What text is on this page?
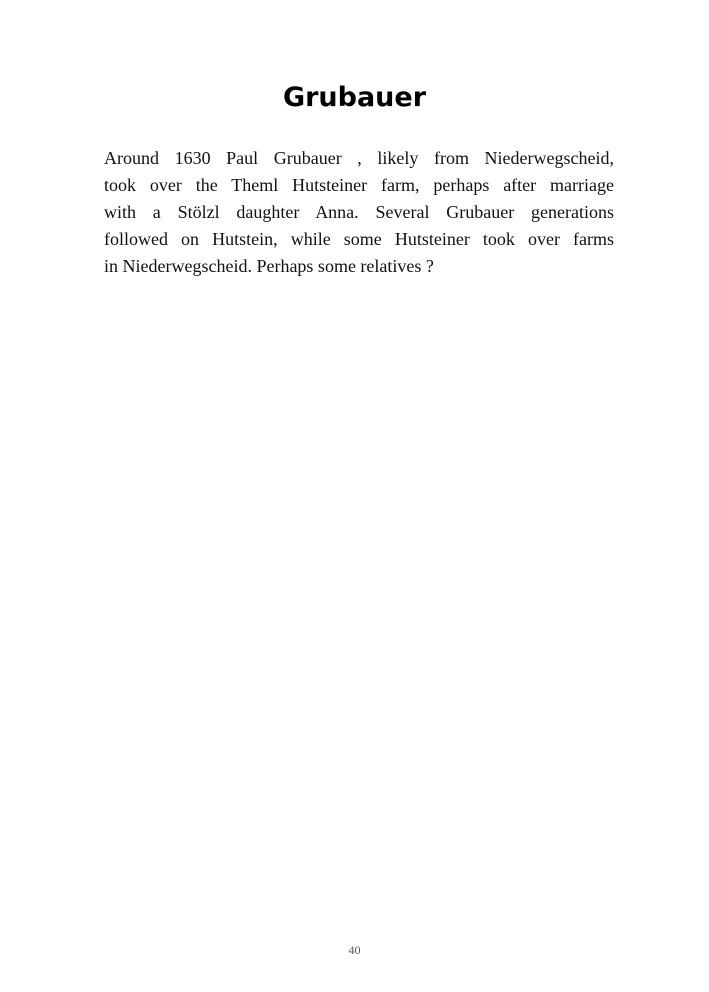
Grubauer
Around 1630 Paul Grubauer , likely from Niederwegscheid,
took over the Theml Hutsteiner farm, perhaps after marriage
with a Stölzl daughter Anna. Several Grubauer generations
followed on Hutstein, while some Hutsteiner took over farms
in Niederwegscheid. Perhaps some relatives ?
40
